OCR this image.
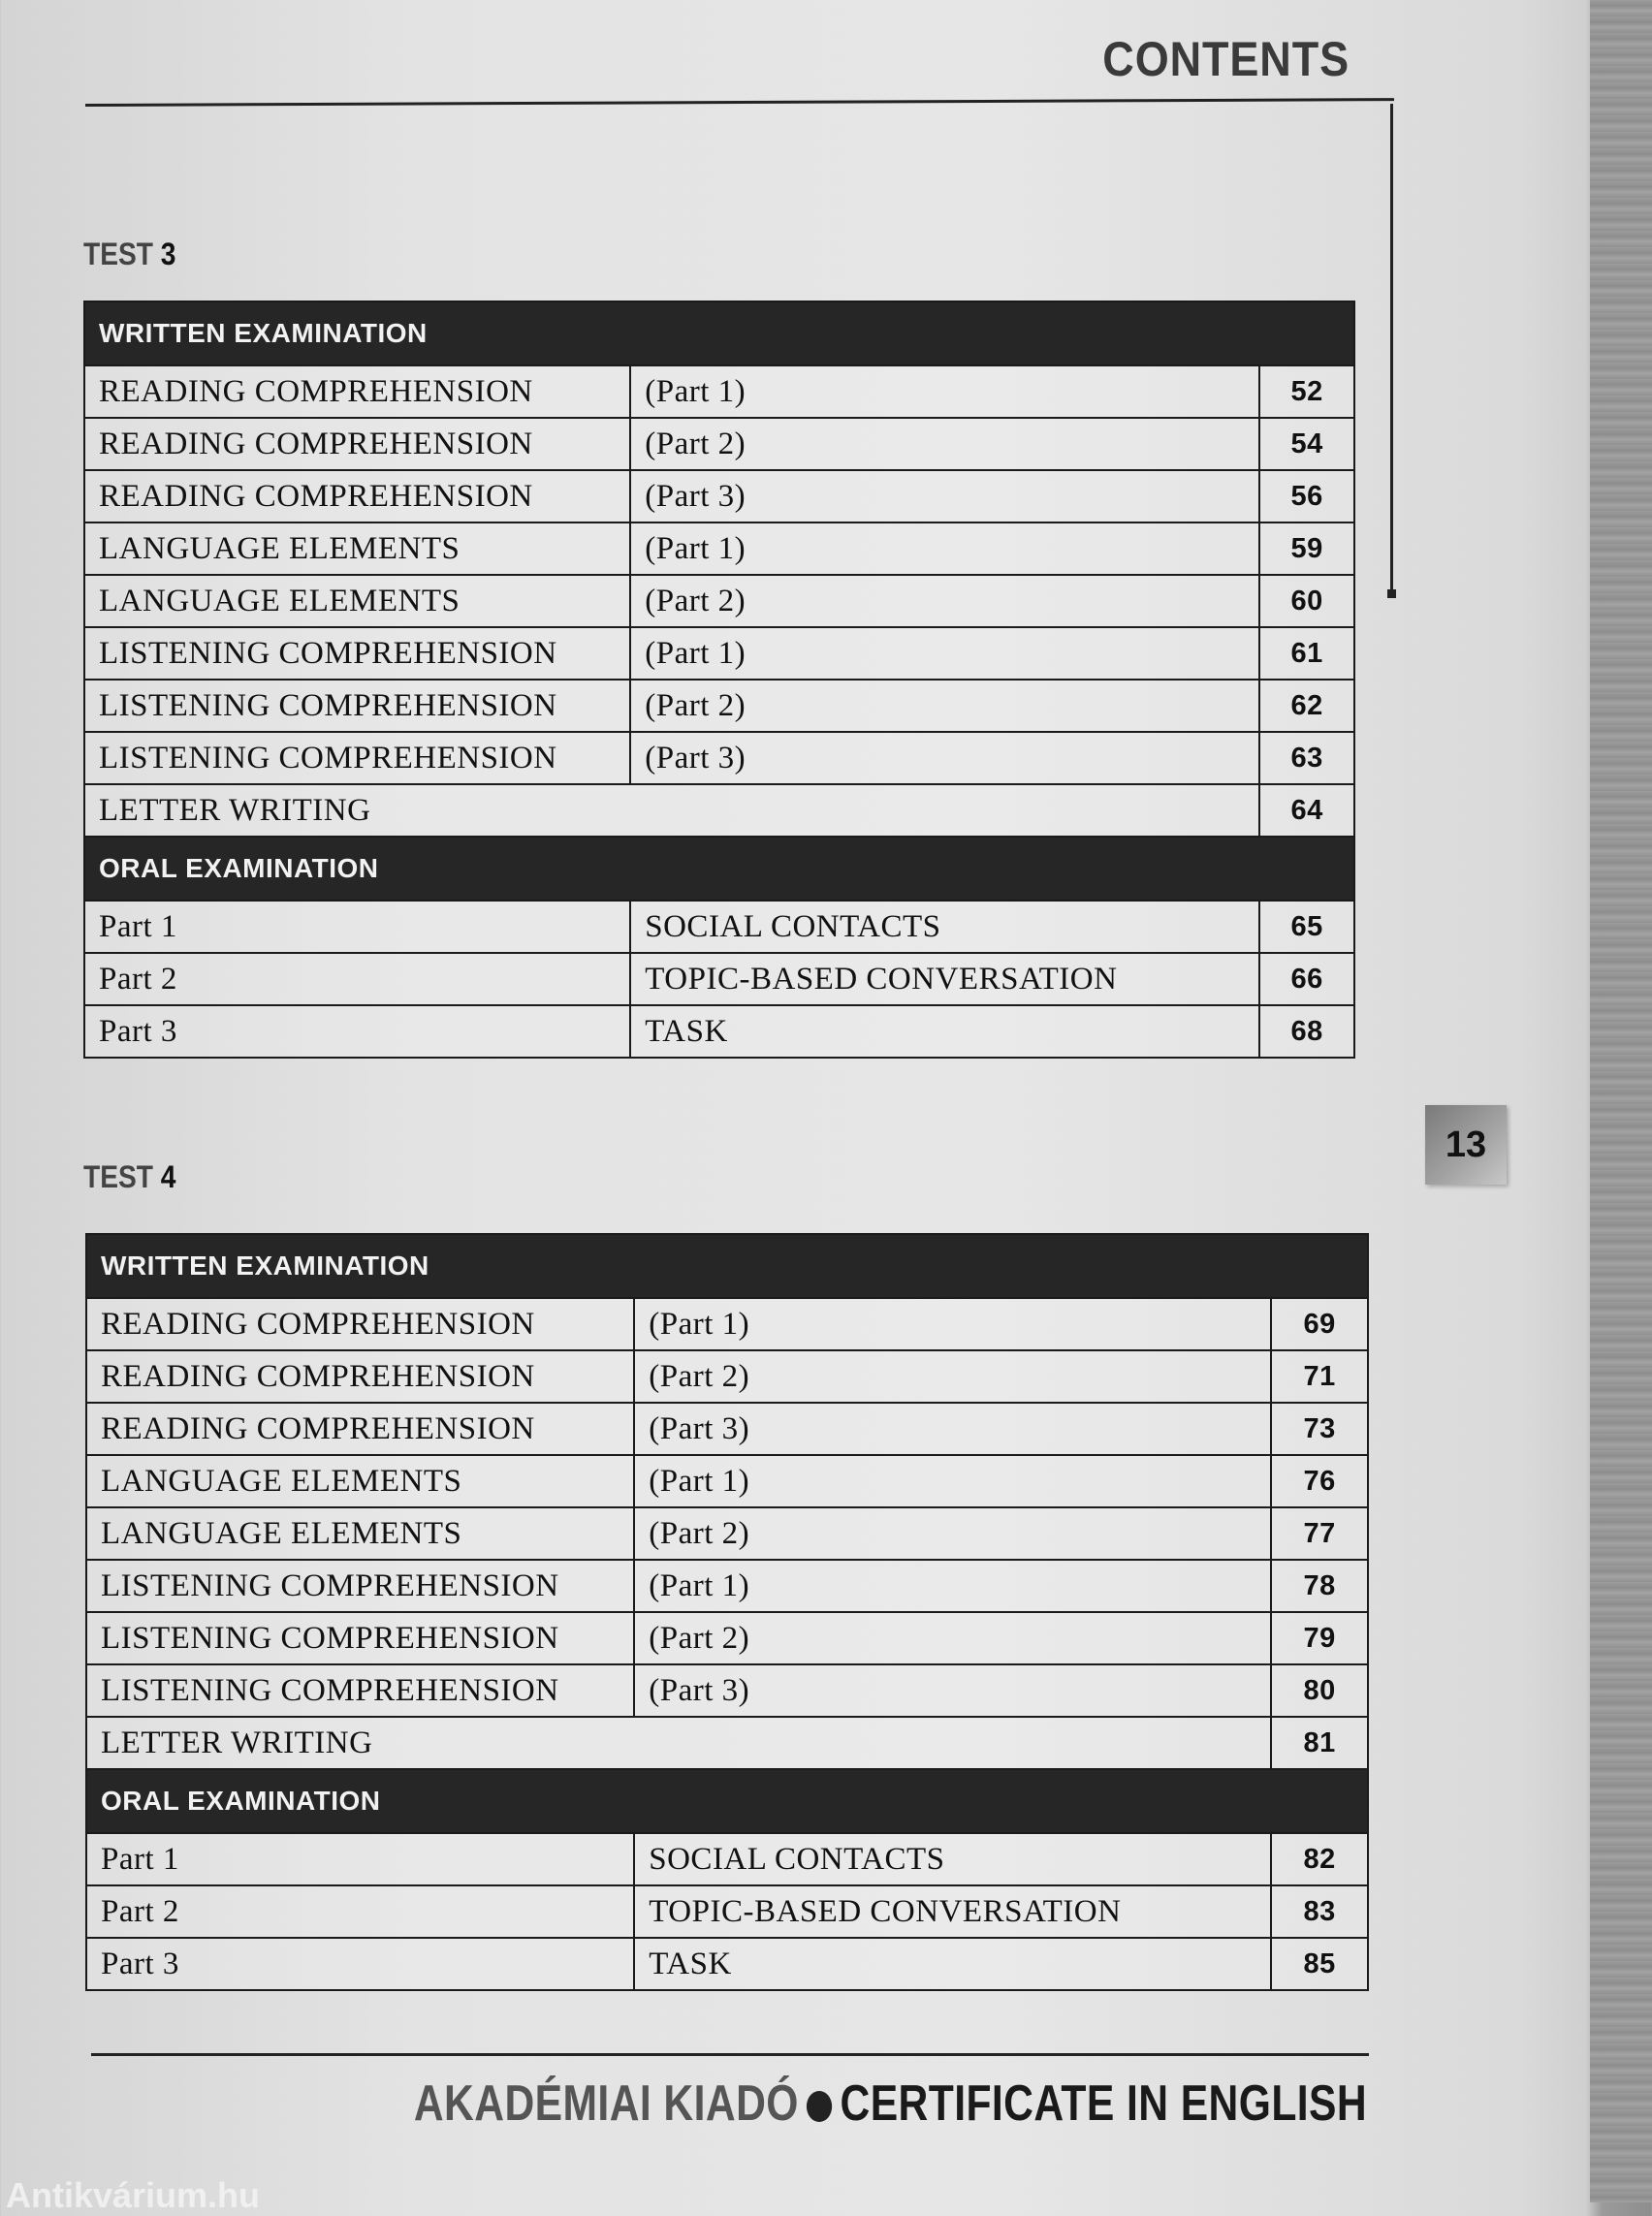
CONTENTS
TEST 3
WRITTEN EXAMINATION		
READING COMPREHENSION	(Part 1)	52
READING COMPREHENSION	(Part 2)	54
READING COMPREHENSION	(Part 3)	56
LANGUAGE ELEMENTS	(Part 1)	59
LANGUAGE ELEMENTS	(Part 2)	60
LISTENING COMPREHENSION	(Part 1)	61
LISTENING COMPREHENSION	(Part 2)	62
LISTENING COMPREHENSION	(Part 3)	63
LETTER WRITING		64
ORAL EXAMINATION		
Part 1	SOCIAL CONTACTS	65
Part 2	TOPIC-BASED CONVERSATION	66
Part 3	TASK	68
13
TEST 4
WRITTEN EXAMINATION		
READING COMPREHENSION	(Part 1)	69
READING COMPREHENSION	(Part 2)	71
READING COMPREHENSION	(Part 3)	73
LANGUAGE ELEMENTS	(Part 1)	76
LANGUAGE ELEMENTS	(Part 2)	77
LISTENING COMPREHENSION	(Part 1)	78
LISTENING COMPREHENSION	(Part 2)	79
LISTENING COMPREHENSION	(Part 3)	80
LETTER WRITING		81
ORAL EXAMINATION		
Part 1	SOCIAL CONTACTS	82
Part 2	TOPIC-BASED CONVERSATION	83
Part 3	TASK	85
AKADÉMIAI KIADÓ CERTIFICATE IN ENGLISH
Antikvárium.hu
